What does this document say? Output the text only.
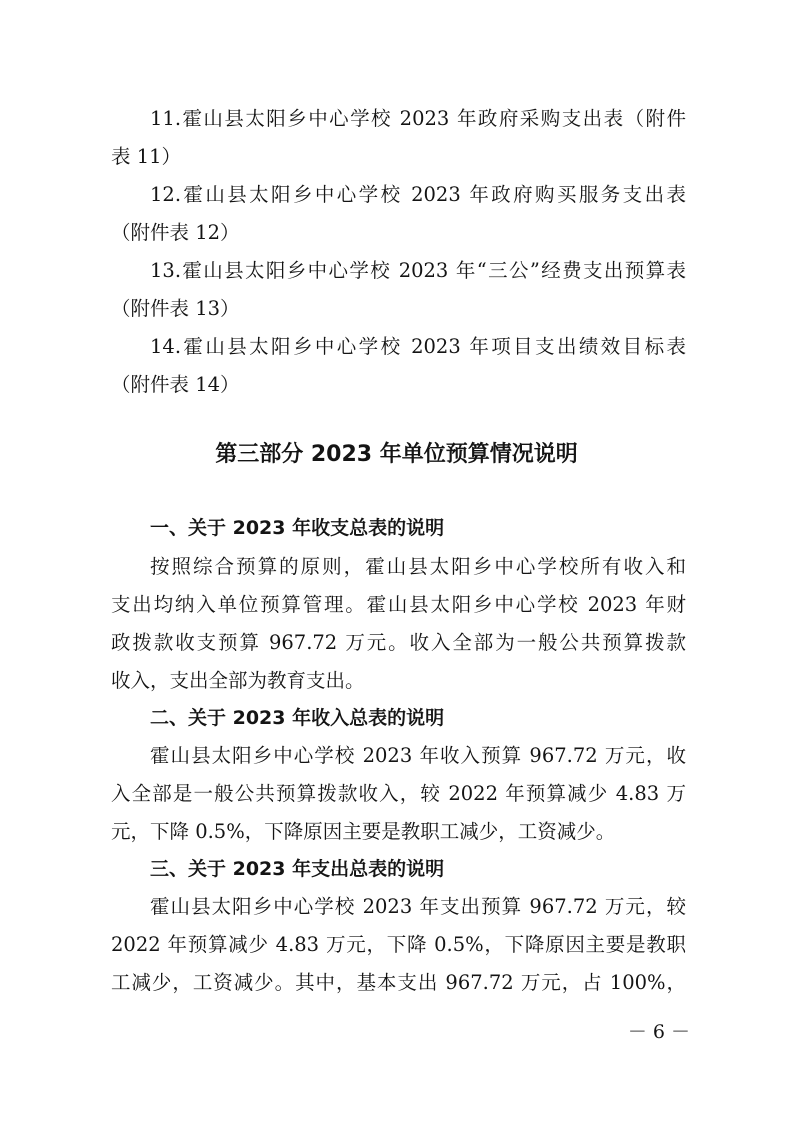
11.霍山县太阳乡中心学校 2023 年政府采购支出表（附件
表 11）
12.霍山县太阳乡中心学校 2023 年政府购买服务支出表
（附件表 12）
13.霍山县太阳乡中心学校 2023 年“三公”经费支出预算表
（附件表 13）
14.霍山县太阳乡中心学校 2023 年项目支出绩效目标表
（附件表 14）
第三部分 2023 年单位预算情况说明
一、关于 2023 年收支总表的说明
按照综合预算的原则，霍山县太阳乡中心学校所有收入和
支出均纳入单位预算管理。霍山县太阳乡中心学校 2023 年财
政拨款收支预算 967.72 万元。收入全部为一般公共预算拨款
收入，支出全部为教育支出。
二、关于 2023 年收入总表的说明
霍山县太阳乡中心学校 2023 年收入预算 967.72 万元，收
入全部是一般公共预算拨款收入，较 2022 年预算减少 4.83 万
元，下降 0.5%，下降原因主要是教职工减少，工资减少。
三、关于 2023 年支出总表的说明
霍山县太阳乡中心学校 2023 年支出预算 967.72 万元，较
2022 年预算减少 4.83 万元，下降 0.5%，下降原因主要是教职
工减少，工资减少。其中，基本支出 967.72 万元，占 100%，
－ 6 －
